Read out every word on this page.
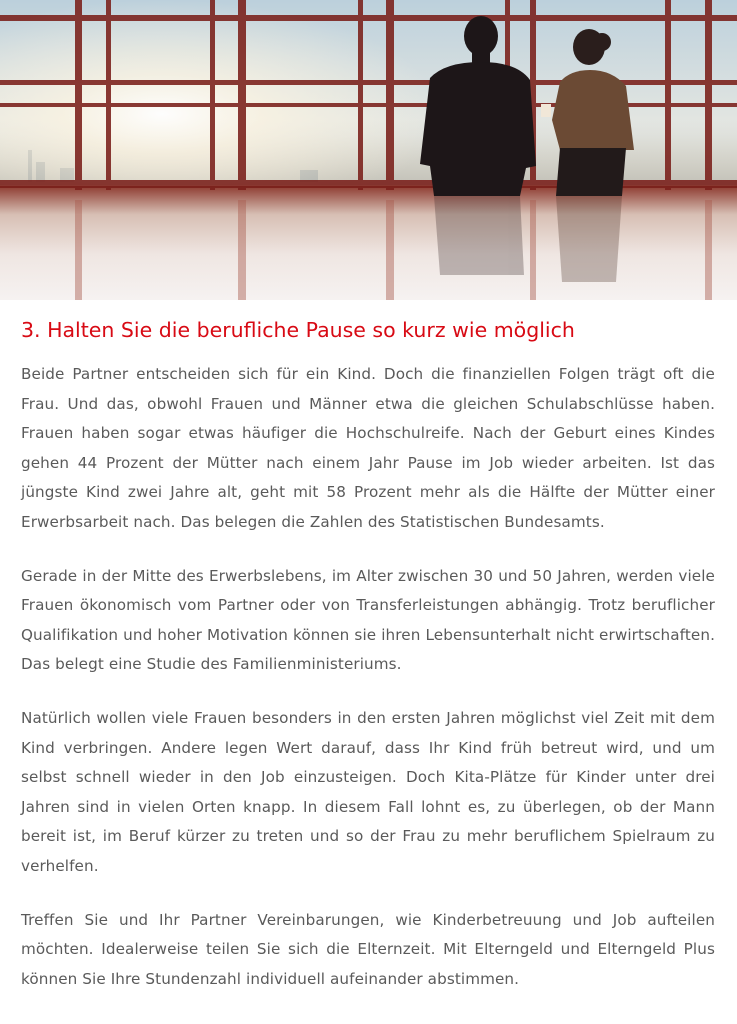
3. Halten Sie die berufliche Pause so kurz wie möglich

Beide Partner entscheiden sich für ein Kind. Doch die finanziellen Folgen trägt oft die Frau. Und das, obwohl Frauen und Männer etwa die gleichen Schulabschlüsse haben. Frauen haben sogar etwas häufiger die Hochschulreife. Nach der Geburt eines Kindes gehen 44 Prozent der Mütter nach einem Jahr Pause im Job wieder arbeiten. Ist das jüngste Kind zwei Jahre alt, geht mit 58 Prozent mehr als die Hälfte der Mütter einer Erwerbsarbeit nach. Das belegen die Zahlen des Statistischen Bundesamts.

Gerade in der Mitte des Erwerbslebens, im Alter zwischen 30 und 50 Jahren, werden viele Frauen ökonomisch vom Partner oder von Transferleistungen abhängig. Trotz beruflicher Qualifikation und hoher Motivation können sie ihren Lebensunterhalt nicht erwirtschaften. Das belegt eine Studie des Familienministeriums.

Natürlich wollen viele Frauen besonders in den ersten Jahren möglichst viel Zeit mit dem Kind verbringen. Andere legen Wert darauf, dass Ihr Kind früh betreut wird, und um selbst schnell wieder in den Job einzusteigen. Doch Kita-Plätze für Kinder unter drei Jahren sind in vielen Orten knapp. In diesem Fall lohnt es, zu überlegen, ob der Mann bereit ist, im Beruf kürzer zu treten und so der Frau zu mehr beruflichem Spielraum zu verhelfen.

Treffen Sie und Ihr Partner Vereinbarungen, wie Kinderbetreuung und Job aufteilen möchten. Idealerweise teilen Sie sich die Elternzeit. Mit Elterngeld und Elterngeld Plus können Sie Ihre Stundenzahl individuell aufeinander abstimmen.
